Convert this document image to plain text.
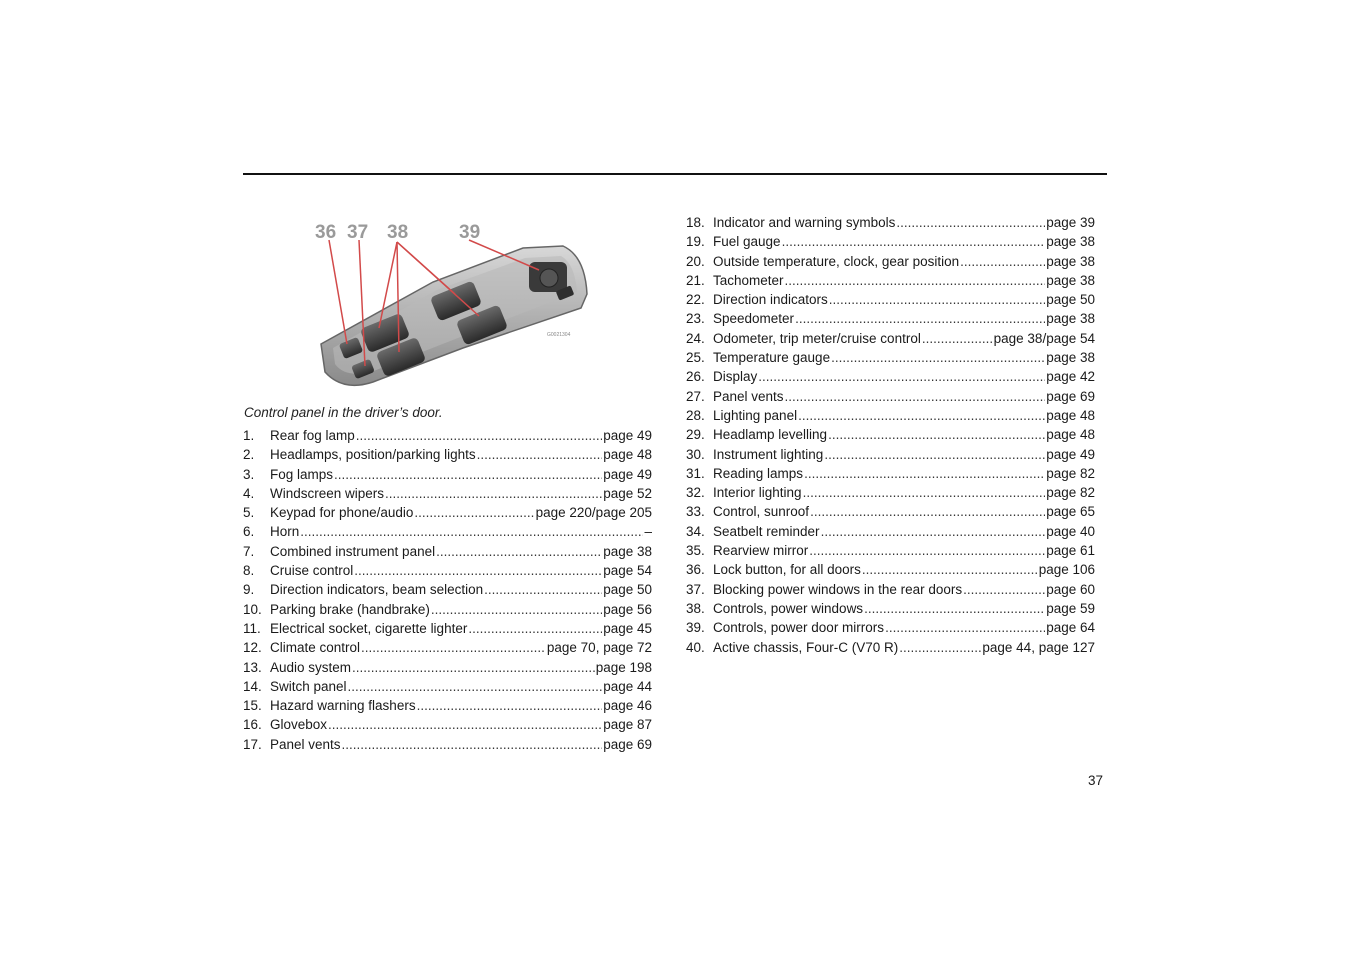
36 37 38	39
G0021304
Control panel in the driver’s door.
1.	Rear fog lamp .....	page 49
2.	Headlamps, position/parking lights .....	page 48
3.	Fog lamps .....	page 49
4.	Windscreen wipers .....	page 52
5.	Keypad for phone/audio .....	page 220/page 205
6.	Horn .....	–
7.	Combined instrument panel .....	page 38
8.	Cruise control .....	page 54
9.	Direction indicators, beam selection .....	page 50
10. Parking brake (handbrake) .....	page 56
11. Electrical socket, cigarette lighter .....	page 45
12. Climate control .....	page 70, page 72
13. Audio system .....	page 198
14. Switch panel .....	page 44
15. Hazard warning flashers .....	page 46
16. Glovebox .....	page 87
17. Panel vents .....	page 69
18. Indicator and warning symbols .....	page 39
19. Fuel gauge .....	page 38
20. Outside temperature, clock, gear position .....	page 38
21. Tachometer .....	page 38
22. Direction indicators .....	page 50
23. Speedometer .....	page 38
24. Odometer, trip meter/cruise control .....	page 38/page 54
25. Temperature gauge .....	page 38
26. Display .....	page 42
27. Panel vents .....	page 69
28. Lighting panel .....	page 48
29. Headlamp levelling .....	page 48
30. Instrument lighting .....	page 49
31. Reading lamps .....	page 82
32. Interior lighting .....	page 82
33. Control, sunroof .....	page 65
34. Seatbelt reminder .....	page 40
35. Rearview mirror .....	page 61
36. Lock button, for all doors .....	page 106
37. Blocking power windows in the rear doors .....	page 60
38. Controls, power windows .....	page 59
39. Controls, power door mirrors .....	page 64
40. Active chassis, Four-C (V70 R) .....	page 44, page 127
37
